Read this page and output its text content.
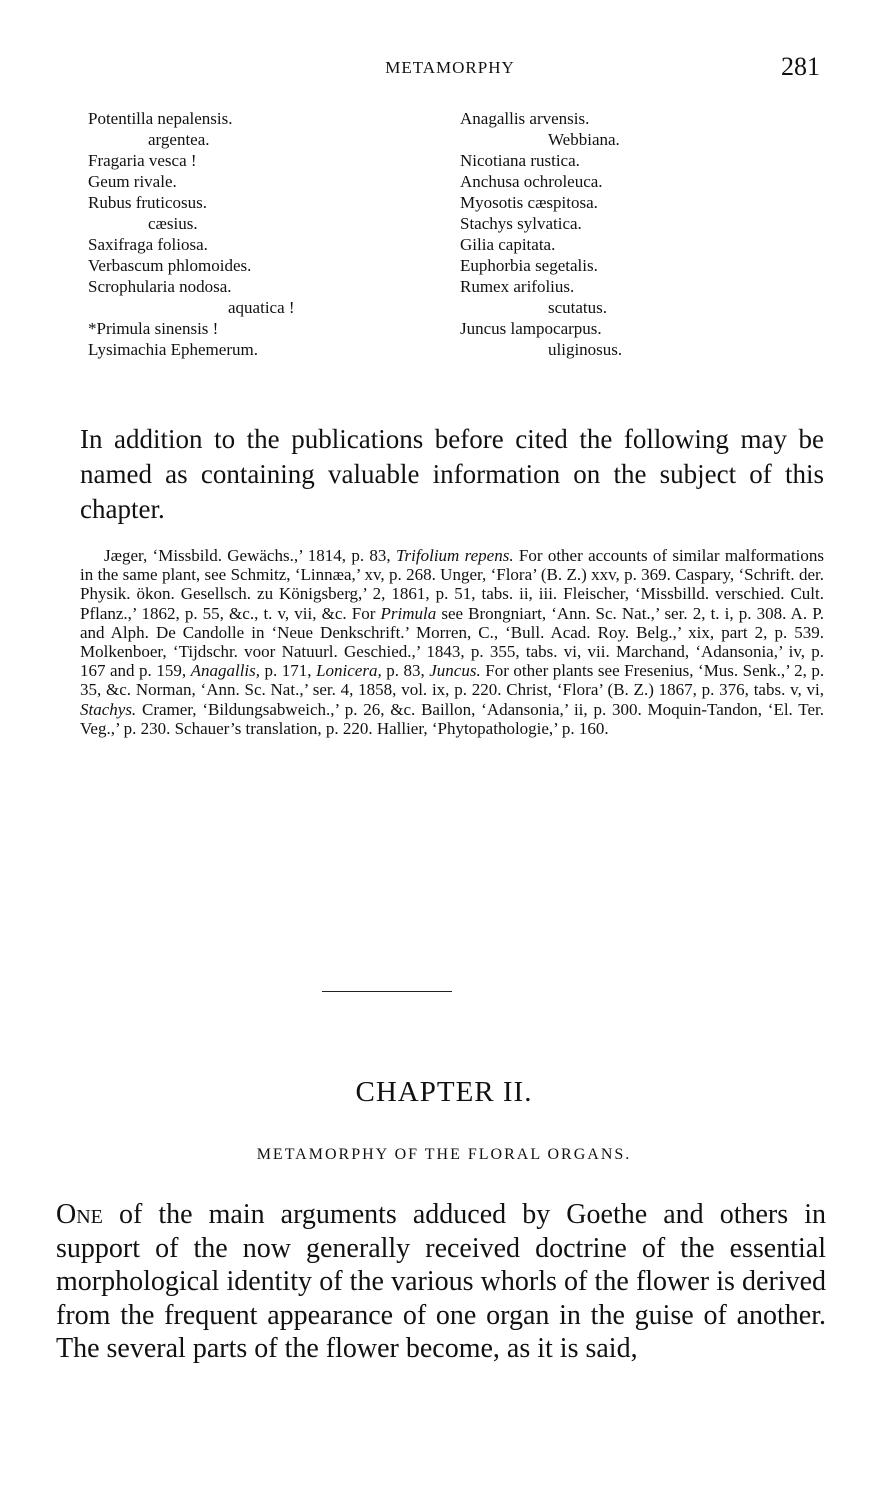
METAMORPHY	281
Potentilla nepalensis.
argentea.
Fragaria vesca !
Geum rivale.
Rubus fruticosus.
cæsius.
Saxifraga foliosa.
Verbascum phlomoides.
Scrophularia nodosa.
aquatica !
*Primula sinensis !
Lysimachia Ephemerum.
Anagallis arvensis.
Webbiana.
Nicotiana rustica.
Anchusa ochroleuca.
Myosotis cæspitosa.
Stachys sylvatica.
Gilia capitata.
Euphorbia segetalis.
Rumex arifolius.
scutatus.
Juncus lampocarpus.
uliginosus.
In addition to the publications before cited the following may be named as containing valuable information on the subject of this chapter.

Jæger, ‘Missbild. Gewächs.,’ 1814, p. 83, Trifolium repens. For other accounts of similar malformations in the same plant, see Schmitz, ‘Linnæa,’ xv, p. 268. Unger, ‘Flora’ (B. Z.) xxv, p. 369. Caspary, ‘Schrift. der. Physik. ökon. Gesellsch. zu Königsberg,’ 2, 1861, p. 51, tabs. ii, iii. Fleischer, ‘Missbilld. verschied. Cult. Pflanz.,’ 1862, p. 55, &c., t. v, vii, &c. For Primula see Brongniart, ‘Ann. Sc. Nat.,’ ser. 2, t. i, p. 308. A. P. and Alph. De Candolle in ‘Neue Denkschrift.’ Morren, C., ‘Bull. Acad. Roy. Belg.,’ xix, part 2, p. 539. Molkenboer, ‘Tijdschr. voor Natuurl. Geschied.,’ 1843, p. 355, tabs. vi, vii. Marchand, ‘Adansonia,’ iv, p. 167 and p. 159, Anagallis, p. 171, Lonicera, p. 83, Juncus. For other plants see Fresenius, ‘Mus. Senk.,’ 2, p. 35, &c. Norman, ‘Ann. Sc. Nat.,’ ser. 4, 1858, vol. ix, p. 220. Christ, ‘Flora’ (B. Z.) 1867, p. 376, tabs. v, vi, Stachys. Cramer, ‘Bildungsabweich.,’ p. 26, &c. Baillon, ‘Adansonia,’ ii, p. 300. Moquin-Tandon, ‘El. Ter. Veg.,’ p. 230. Schauer’s translation, p. 220. Hallier, ‘Phytopathologie,’ p. 160.

CHAPTER II.
METAMORPHY OF THE FLORAL ORGANS.
One of the main arguments adduced by Goethe and others in support of the now generally received doctrine of the essential morphological identity of the various whorls of the flower is derived from the frequent appearance of one organ in the guise of another. The several parts of the flower become, as it is said,
